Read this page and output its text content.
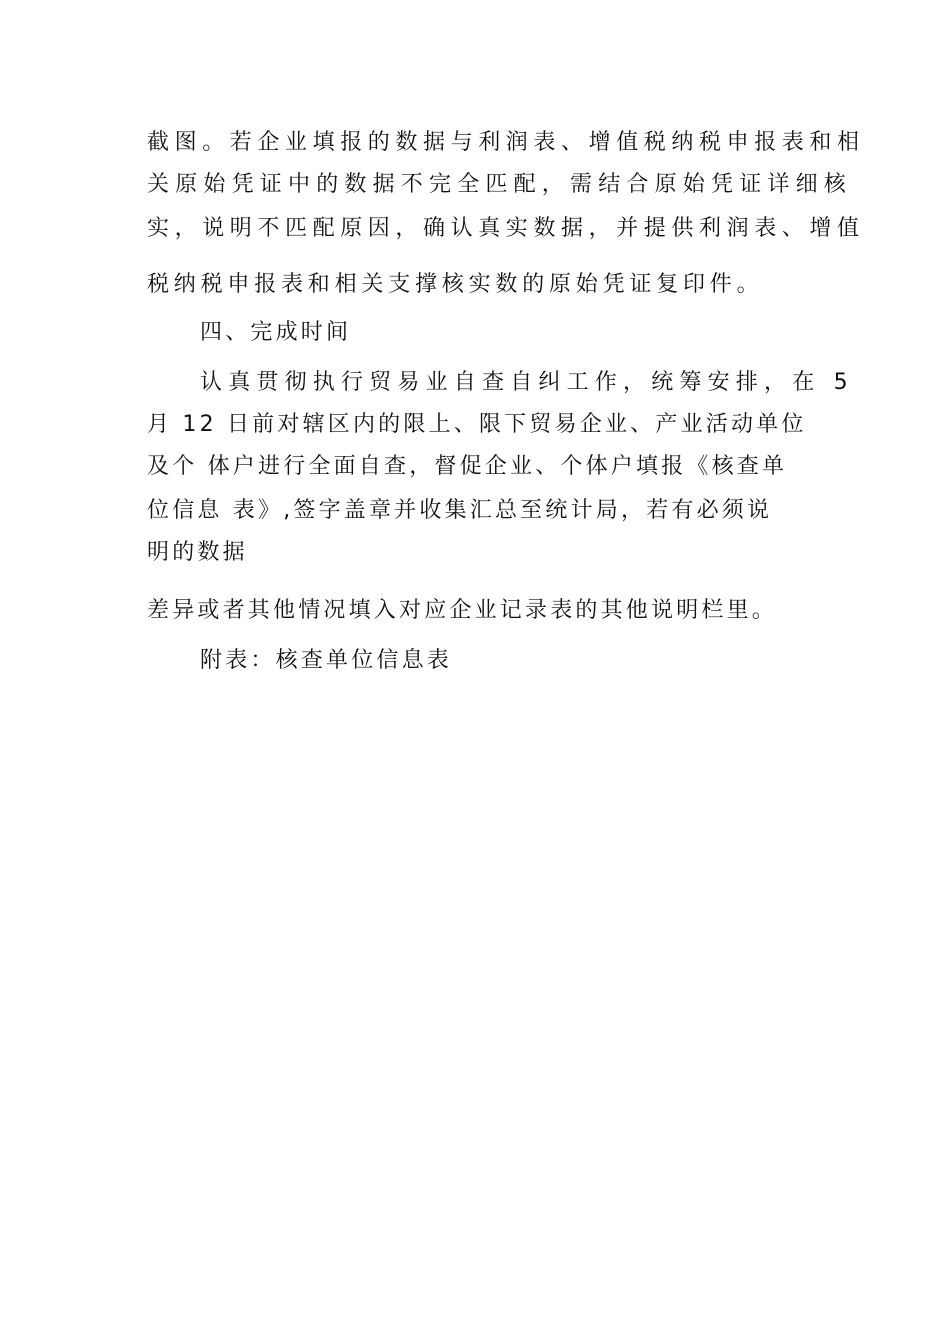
截图。若企业填报的数据与利润表、增值税纳税申报表和相

关原始凭证中的数据不完全匹配，需结合原始凭证详细核

实，说明不匹配原因，确认真实数据，并提供利润表、增值

税纳税申报表和相关支撑核实数的原始凭证复印件。

四、完成时间

认真贯彻执行贸易业自查自纠工作，统筹安排，在 5

月 12 日前对辖区内的限上、限下贸易企业、产业活动单位

及个 体户进行全面自查，督促企业、个体户填报《核查单

位信息 表》,签字盖章并收集汇总至统计局，若有必须说

明的数据

差异或者其他情况填入对应企业记录表的其他说明栏里。

附表：核查单位信息表
